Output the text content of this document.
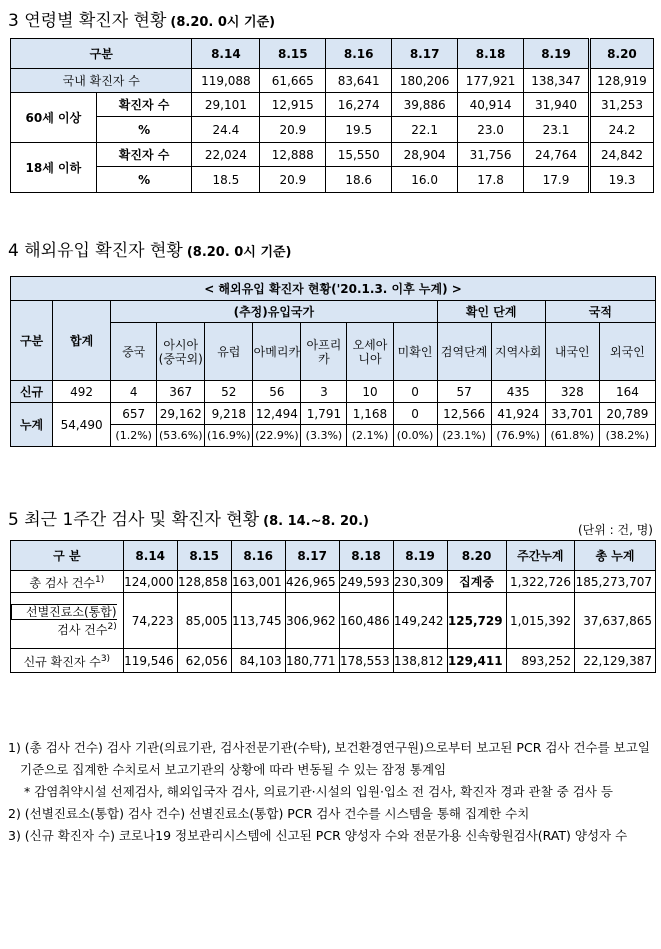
3 연령별 확진자 현황 (8.20. 0시 기준)
구분		8.14	8.15	8.16	8.17	8.18	8.19	8.20
국내 확진자 수		119,088	61,665	83,641	180,206	177,921	138,347	128,919
60세 이상	확진자 수	29,101	12,915	16,274	39,886	40,914	31,940	31,253
	%	24.4	20.9	19.5	22.1	23.0	23.1	24.2
18세 이하	확진자 수	22,024	12,888	15,550	28,904	31,756	24,764	24,842
	%	18.5	20.9	18.6	16.0	17.8	17.9	19.3
4 해외유입 확진자 현황 (8.20. 0시 기준)
< 해외유입 확진자 현황('20.1.3. 이후 누계) >												
구분	합계	(추정)유입국가							확인 단계		국적	
		중국	아시아(중국외)	유럽	아메리카	아프리카	오세아니아	미확인	검역단계	지역사회	내국인	외국인
신규	492	4	367	52	56	3	10	0	57	435	328	164
누계	54,490	657	29,162	9,218	12,494	1,791	1,168	0	12,566	41,924	33,701	20,789
		(1.2%)	(53.6%)	(16.9%)	(22.9%)	(3.3%)	(2.1%)	(0.0%)	(23.1%)	(76.9%)	(61.8%)	(38.2%)
5 최근 1주간 검사 및 확진자 현황 (8. 14.~8. 20.)
(단위 : 건, 명)
구 분	8.14	8.15	8.16	8.17	8.18	8.19	8.20	주간누계	총 누계
총 검사 건수$^{1)}$	124,000	128,858	163,001	426,965	249,593	230,309	집계중	1,322,726	185,273,707

선별진료소(통합)
검사 건수$^{2)}$	74,223	85,005	113,745	306,962	160,486	149,242	125,729	1,015,392	37,637,865
신규 확진자 수$^{3)}$	119,546	62,056	84,103	180,771	178,553	138,812	129,411	893,252	22,129,387

1) (총 검사 건수) 검사 기관(의료기관, 검사전문기관(수탁), 보건환경연구원)으로부터 보고된 PCR 검사 건수를 보고일 기준으로 집계한 수치로서 보고기관의 상황에 따라 변동될 수 있는 잠정 통계임

* 감염취약시설 선제검사, 해외입국자 검사, 의료기관·시설의 입원·입소 전 검사, 확진자 경과 관찰 중 검사 등

2) (선별진료소(통합) 검사 건수) 선별진료소(통합) PCR 검사 건수를 시스템을 통해 집계한 수치

3) (신규 확진자 수) 코로나19 정보관리시스템에 신고된 PCR 양성자 수와 전문가용 신속항원검사(RAT) 양성자 수
